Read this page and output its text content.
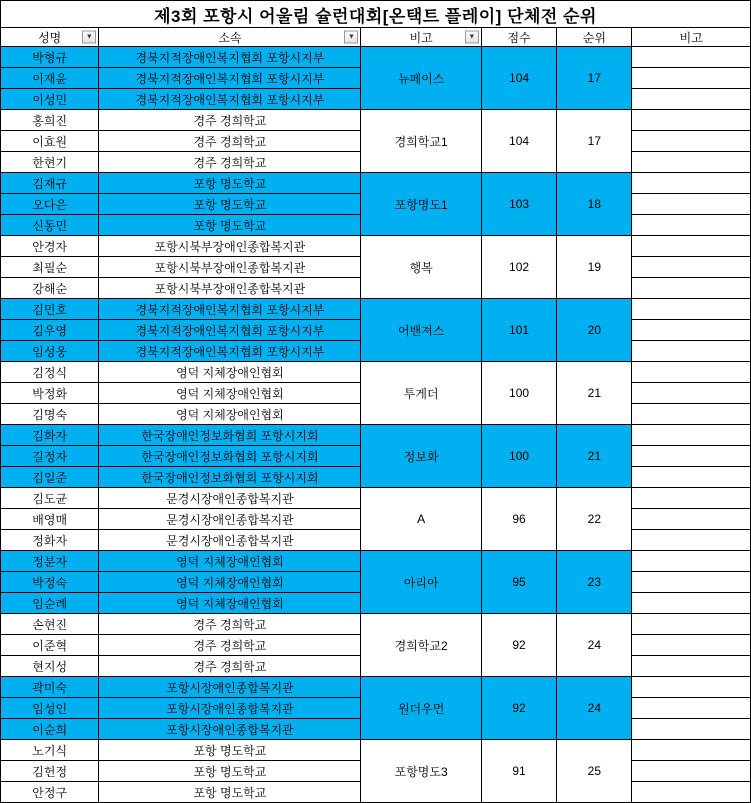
제3회 포항시 어울림 슐런대회[온택트 플레이] 단체전 순위					
성명 ▼	소속 ▼	비고 ▼	점수	순위	비고
박형규	경북지적장애인복지협회 포항시지부	뉴페이스	104	17	
이재윤	경북지적장애인복지협회 포항시지부				
이성민	경북지적장애인복지협회 포항시지부				
홍희진	경주 경희학교	경희학교1	104	17	
이효원	경주 경희학교				
한현기	경주 경희학교				
김재규	포항 명도학교	포항명도1	103	18	
오다은	포항 명도학교				
신동민	포항 명도학교				
안경자	포항시북부장애인종합복지관	행복	102	19	
최필순	포항시북부장애인종합복지관				
강해순	포항시북부장애인종합복지관				
김민호	경북지적장애인복지협회 포항시지부	어밴져스	101	20	
김우영	경북지적장애인복지협회 포항시지부				
임성웅	경북지적장애인복지협회 포항시지부				
김정식	영덕 지체장애인협회	투게더	100	21	
박정화	영덕 지체장애인협회				
김명숙	영덕 지체장애인협회				
김화자	한국장애인정보화협회 포항시지회	정보화	100	21	
길정자	한국장애인정보화협회 포항시지회				
김일준	한국장애인정보화협회 포항시지회				
김도균	문경시장애인종합복지관	A	96	22	
배영매	문경시장애인종합복지관				
정화자	문경시장애인종합복지관				
정분자	영덕 지체장애인협회	아리아	95	23	
박정숙	영덕 지체장애인협회				
임순례	영덕 지체장애인협회				
손현진	경주 경희학교	경희학교2	92	24	
이준혁	경주 경희학교				
현지성	경주 경희학교				
곽미숙	포항시장애인종합복지관	원더우먼	92	24	
임성인	포항시장애인종합복지관				
이순희	포항시장애인종합복지관				
노기식	포항 명도학교	포항명도3	91	25	
김헌정	포항 명도학교				
안정구	포항 명도학교				
